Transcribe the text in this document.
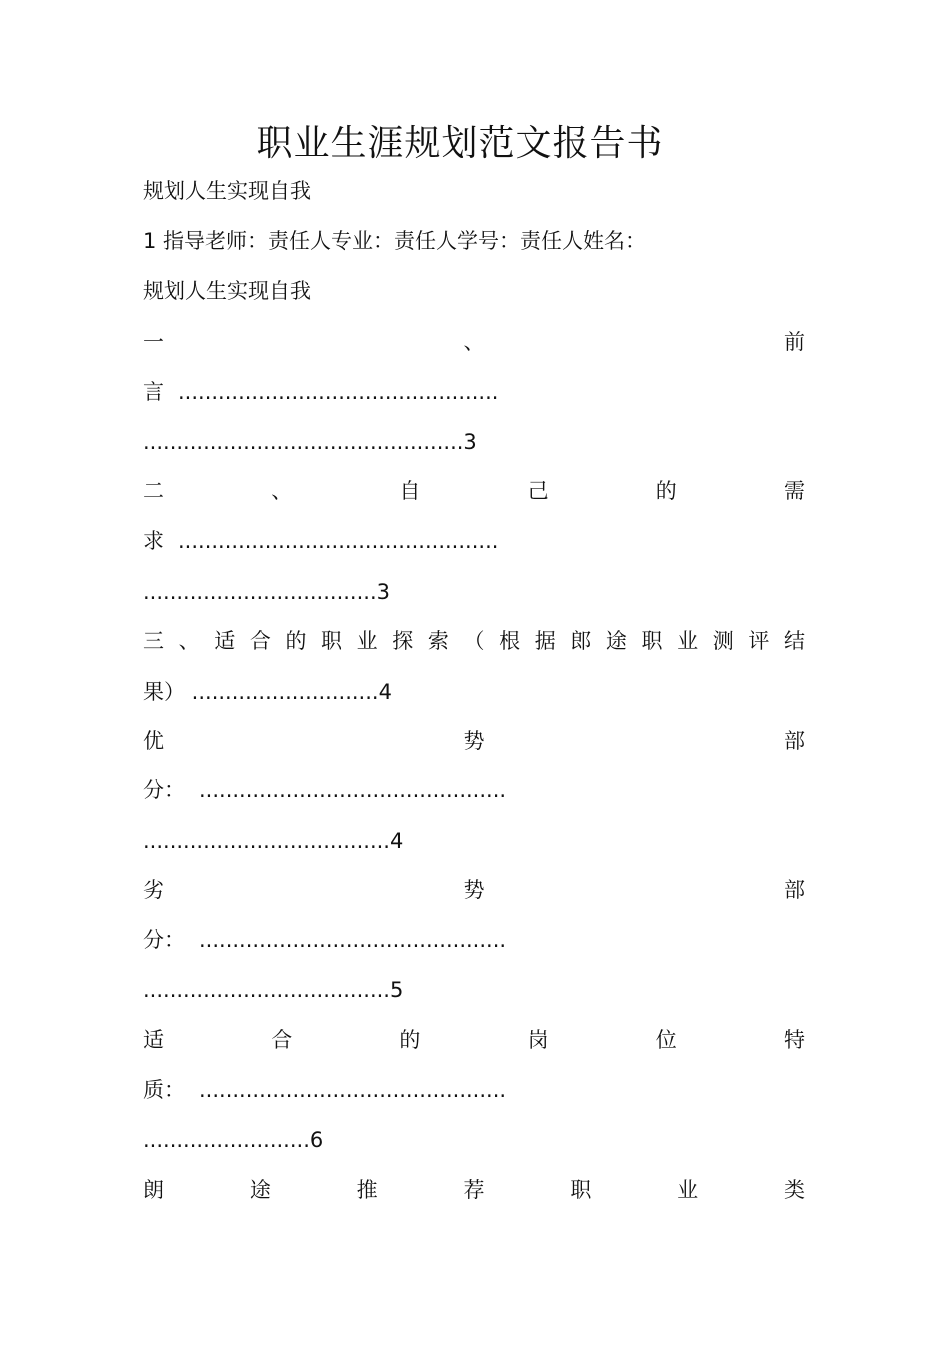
职业生涯规划范文报告书
规划人生实现自我
1 指导老师：责任人专业：责任人学号：责任人姓名：
规划人生实现自我
一	、	前
言 ................................................
................................................3
二	、	自	己	的	需
求 ................................................
...................................3
三 、 适 合 的 职 业 探 索 （ 根 据 郎 途 职 业 测 评 结
果） ............................4
优	势	部
分： ..............................................
.....................................4
劣	势	部
分： ..............................................
.....................................5
适	合	的	岗	位	特
质： ..............................................
.........................6
朗	途	推	荐	职	业	类
